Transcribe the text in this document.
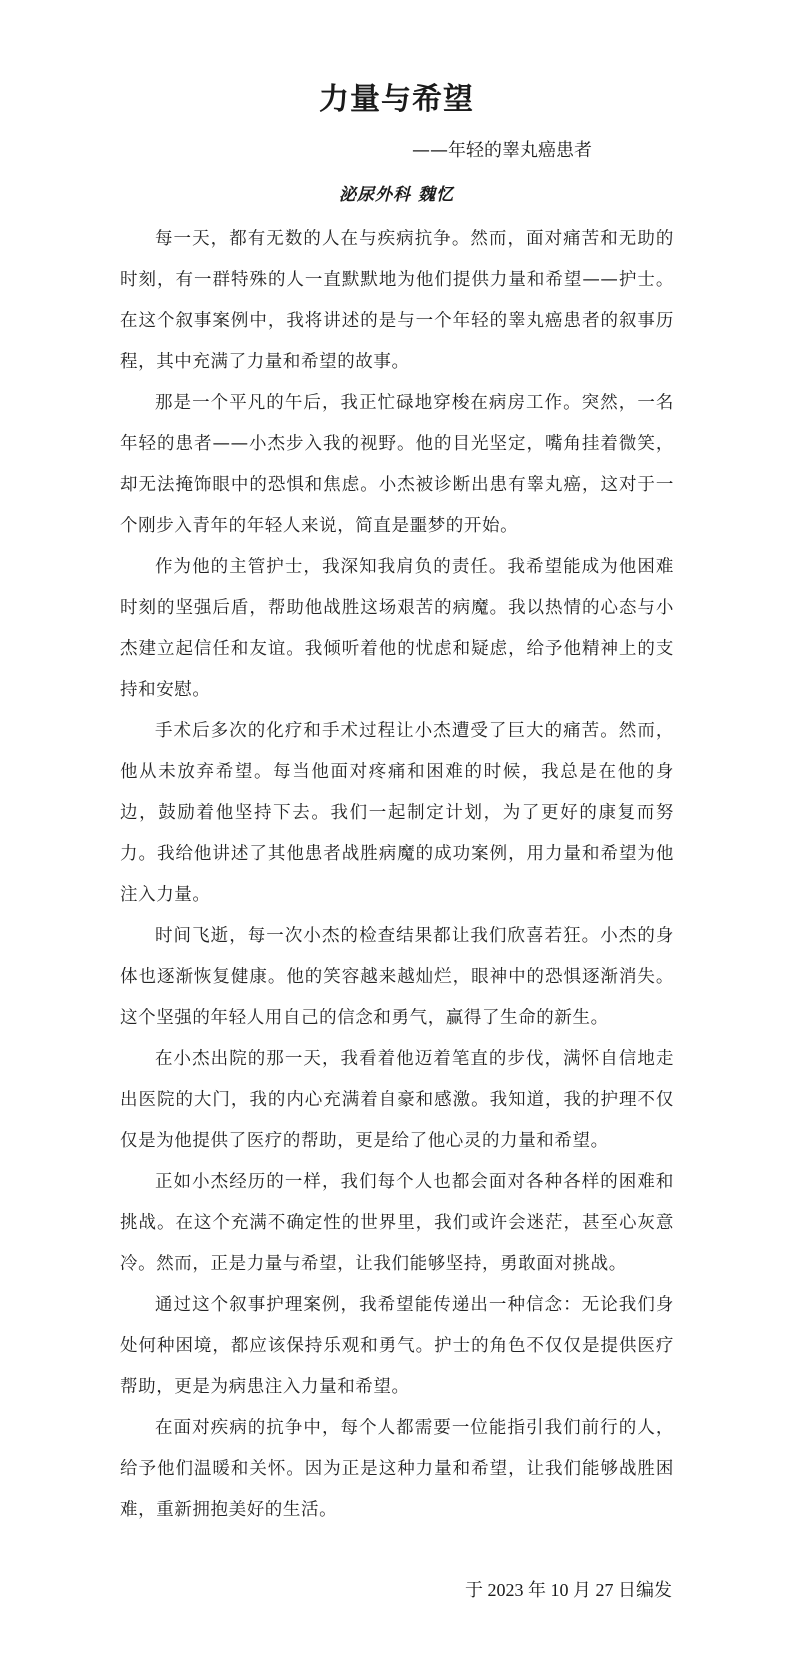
力量与希望
——年轻的睾丸癌患者
泌尿外科 魏忆

每一天，都有无数的人在与疾病抗争。然而，面对痛苦和无助的时刻，有一群特殊的人一直默默地为他们提供力量和希望——护士。在这个叙事案例中，我将讲述的是与一个年轻的睾丸癌患者的叙事历程，其中充满了力量和希望的故事。

那是一个平凡的午后，我正忙碌地穿梭在病房工作。突然，一名年轻的患者——小杰步入我的视野。他的目光坚定，嘴角挂着微笑，却无法掩饰眼中的恐惧和焦虑。小杰被诊断出患有睾丸癌，这对于一个刚步入青年的年轻人来说，简直是噩梦的开始。

作为他的主管护士，我深知我肩负的责任。我希望能成为他困难时刻的坚强后盾，帮助他战胜这场艰苦的病魔。我以热情的心态与小杰建立起信任和友谊。我倾听着他的忧虑和疑虑，给予他精神上的支持和安慰。

手术后多次的化疗和手术过程让小杰遭受了巨大的痛苦。然而，他从未放弃希望。每当他面对疼痛和困难的时候，我总是在他的身边，鼓励着他坚持下去。我们一起制定计划，为了更好的康复而努力。我给他讲述了其他患者战胜病魔的成功案例，用力量和希望为他注入力量。

时间飞逝，每一次小杰的检查结果都让我们欣喜若狂。小杰的身体也逐渐恢复健康。他的笑容越来越灿烂，眼神中的恐惧逐渐消失。这个坚强的年轻人用自己的信念和勇气，赢得了生命的新生。

在小杰出院的那一天，我看着他迈着笔直的步伐，满怀自信地走出医院的大门，我的内心充满着自豪和感激。我知道，我的护理不仅仅是为他提供了医疗的帮助，更是给了他心灵的力量和希望。

正如小杰经历的一样，我们每个人也都会面对各种各样的困难和挑战。在这个充满不确定性的世界里，我们或许会迷茫，甚至心灰意冷。然而，正是力量与希望，让我们能够坚持，勇敢面对挑战。

通过这个叙事护理案例，我希望能传递出一种信念：无论我们身处何种困境，都应该保持乐观和勇气。护士的角色不仅仅是提供医疗帮助，更是为病患注入力量和希望。

在面对疾病的抗争中，每个人都需要一位能指引我们前行的人，给予他们温暖和关怀。因为正是这种力量和希望，让我们能够战胜困难，重新拥抱美好的生活。

于 2023 年 10 月 27 日编发
